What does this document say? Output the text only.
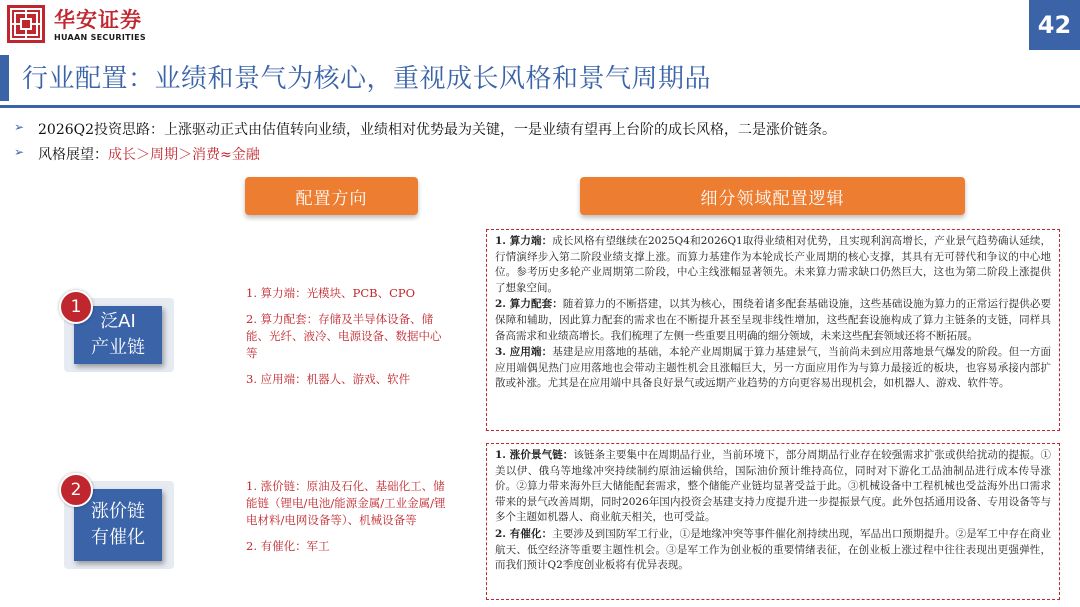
华安证券
HUAAN SECURITIES	42
行业配置：业绩和景气为核心，重视成长风格和景气周期品
➢ 2026Q2投资思路：上涨驱动正式由估值转向业绩，业绩相对优势最为关键，一是业绩有望再上台阶的成长风格，二是涨价链条。
➢ 风格展望：成长＞周期＞消费≈金融
配置方向	细分领域配置逻辑
泛AI
产业链
1

1. 算力端：光模块、PCB、CPO

2. 算力配套：存储及半导体设备、储能、光纤、液冷、电源设备、数据中心等

3. 应用端：机器人、游戏、软件

1. 算力端：成长风格有望继续在2025Q4和2026Q1取得业绩相对优势，且实现利润高增长，产业景气趋势确认延续，行情演绎步入第二阶段业绩支撑上涨。而算力基建作为本轮成长产业周期的核心支撑，其具有无可替代和争议的中心地位。参考历史多轮产业周期第二阶段，中心主线涨幅显著领先。未来算力需求缺口仍然巨大，这也为第二阶段上涨提供了想象空间。

2. 算力配套：随着算力的不断搭建，以其为核心，围绕着诸多配套基础设施，这些基础设施为算力的正常运行提供必要保障和辅助，因此算力配套的需求也在不断提升甚至呈现非线性增加，这些配套设施构成了算力主链条的支链，同样具备高需求和业绩高增长。我们梳理了左侧一些重要且明确的细分领域，未来这些配套领域还将不断拓展。

3. 应用端：基建是应用落地的基础，本轮产业周期属于算力基建景气，当前尚未到应用落地景气爆发的阶段。但一方面应用端偶见热门应用落地也会带动主题性机会且涨幅巨大，另一方面应用作为与算力最接近的板块，也容易承接内部扩散或补涨。尤其是在应用端中具备良好景气或远期产业趋势的方向更容易出现机会，如机器人、游戏、软件等。

涨价链
有催化
2	1. 涨价链：原油及石化、基础化工、储能链（锂电/电池/能源金属/工业金属/锂电材料/电网设备等）、机械设备等

2. 有催化：军工

1. 涨价景气链：该链条主要集中在周期品行业，当前环境下，部分周期品行业存在较强需求扩张或供给扰动的提振。①美以伊、俄乌等地缘冲突持续制约原油运输供给，国际油价预计维持高位，同时对下游化工品油制品进行成本传导涨价。②算力带来海外巨大储能配套需求，整个储能产业链均显著受益于此。③机械设备中工程机械也受益海外出口需求带来的景气改善周期，同时2026年国内投资会基建支持力度提升进一步提振景气度。此外包括通用设备、专用设备等与多个主题如机器人、商业航天相关，也可受益。

2. 有催化：主要涉及到国防军工行业，①是地缘冲突等事件催化剂持续出现，军品出口预期提升。②是军工中存在商业航天、低空经济等重要主题性机会。③是军工作为创业板的重要情绪表征，在创业板上涨过程中往往表现出更强弹性，而我们预计Q2季度创业板将有优异表现。
